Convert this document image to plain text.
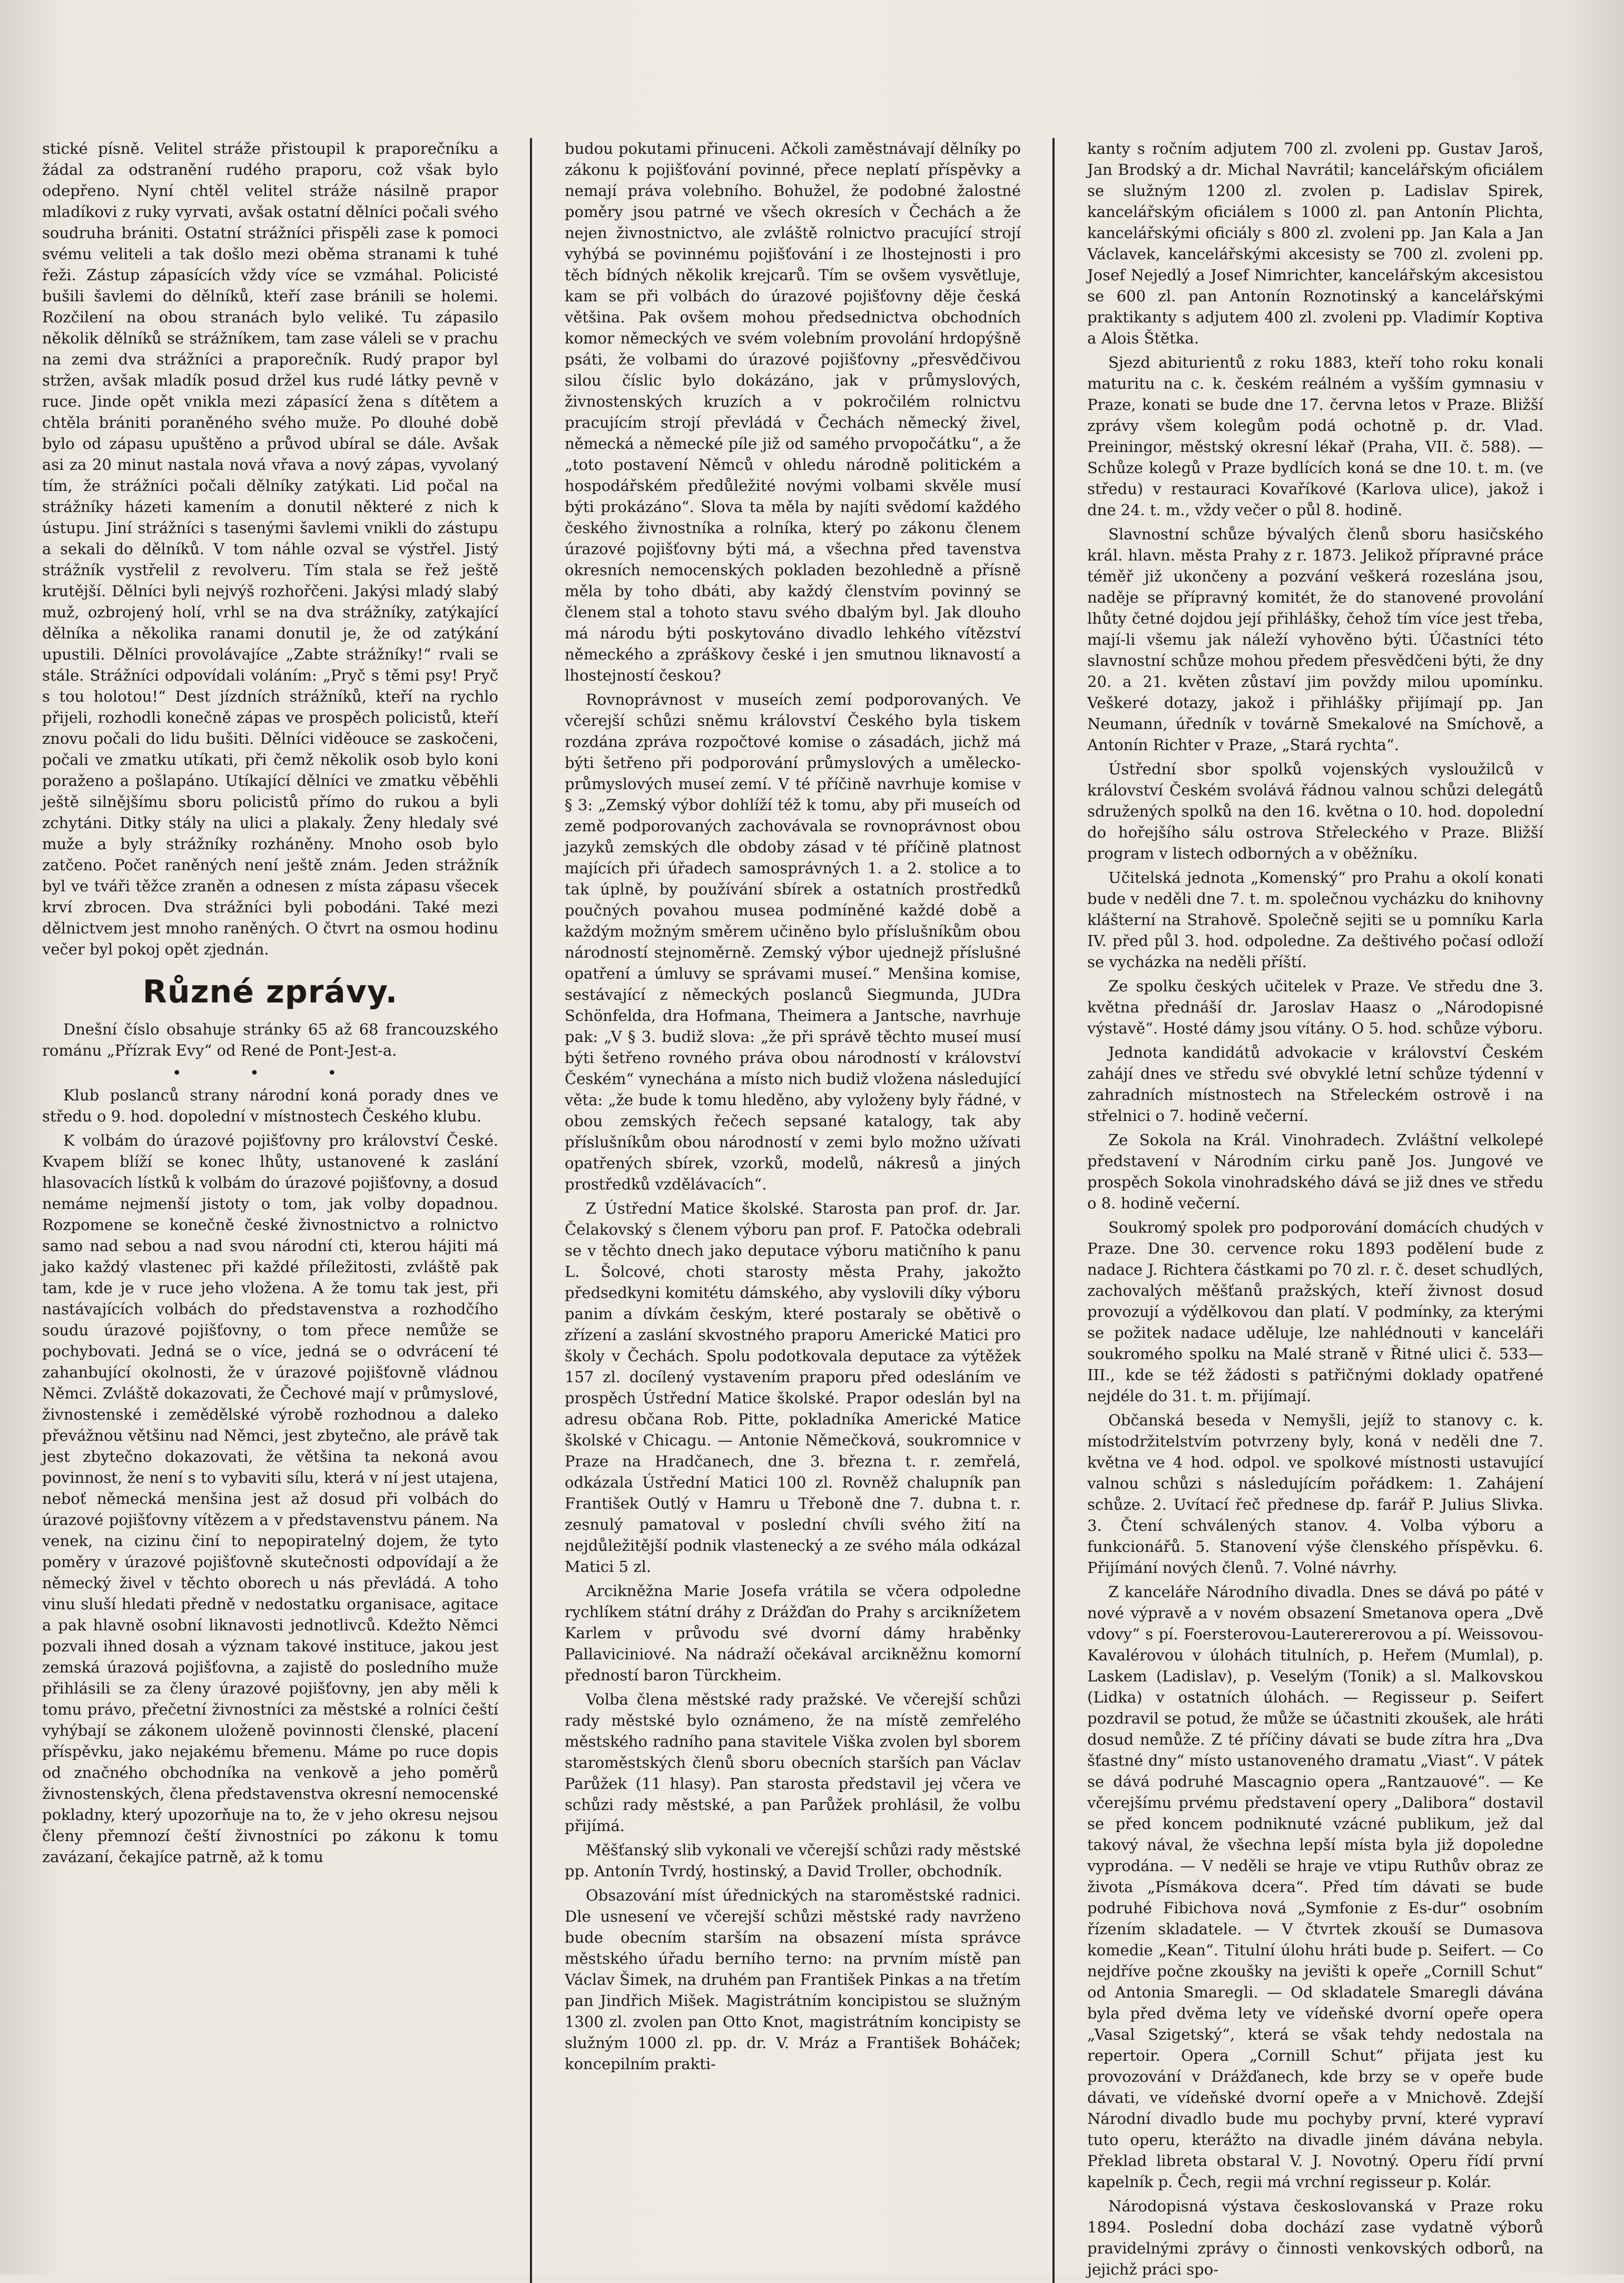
stické písně. Velitel stráže přistoupil k praporečníku a žádal za odstranění rudého praporu, což však bylo odepřeno. Nyní chtěl velitel stráže násilně prapor mladíkovi z ruky vyrvati, avšak ostatní dělníci počali svého soudruha brániti. Ostatní strážníci přispěli zase k pomoci svému veliteli a tak došlo mezi oběma stranami k tuhé řeži. Zástup zápasících vždy více se vzmáhal. Policisté bušili šavlemi do dělníků, kteří zase bránili se holemi. Rozčilení na obou stranách bylo veliké. Tu zápasilo několik dělníků se strážníkem, tam zase váleli se v prachu na zemi dva strážníci a praporečník. Rudý prapor byl stržen, avšak mladík posud držel kus rudé látky pevně v ruce. Jinde opět vnikla mezi zápasící žena s dítětem a chtěla brániti poraněného svého muže. Po dlouhé době bylo od zápasu upuštěno a průvod ubíral se dále. Avšak asi za 20 minut nastala nová vřava a nový zápas, vyvolaný tím, že strážníci počali dělníky zatýkati. Lid počal na strážníky házeti kamením a donutil některé z nich k ústupu. Jiní strážníci s tasenými šavlemi vnikli do zástupu a sekali do dělníků. V tom náhle ozval se výstřel. Jistý strážník vystřelil z revolveru. Tím stala se řež ještě krutější. Dělníci byli nejvýš rozhořčeni. Jakýsi mladý slabý muž, ozbrojený holí, vrhl se na dva strážníky, zatýkající dělníka a několika ranami donutil je, že od zatýkání upustili. Dělníci provolávajíce „Zabte strážníky!“ rvali se stále. Strážníci odpovídali voláním: „Pryč s těmi psy! Pryč s tou holotou!“ Dest jízdních strážníků, kteří na rychlo přijeli, rozhodli konečně zápas ve prospěch policistů, kteří znovu počali do lidu bušiti. Dělníci viděouce se zaskočeni, počali ve zmatku utíkati, při čemž několik osob bylo koni poraženo a pošlapáno. Utíkající dělníci ve zmatku věběhli ještě silnějšímu sboru policistů přímo do rukou a byli zchytáni. Ditky stály na ulici a plakaly. Ženy hledaly své muže a byly strážníky rozháněny. Mnoho osob bylo zatčeno. Počet raněných není ještě znám. Jeden strážník byl ve tváři těžce zraněn a odnesen z místa zápasu všecek krví zbrocen. Dva strážníci byli pobodáni. Také mezi dělnictvem jest mnoho raněných. O čtvrt na osmou hodinu večer byl pokoj opět zjednán.

Různé zprávy.

Dnešní číslo obsahuje stránky 65 až 68 francouzského románu „Přízrak Evy“ od René de Pont-Jest-a.

• • •

Klub poslanců strany národní koná porady dnes ve středu o 9. hod. dopolední v místnostech Českého klubu.

K volbám do úrazové pojišťovny pro království České. Kvapem blíží se konec lhůty, ustanovené k zaslání hlasovacích lístků k volbám do úrazové pojišťovny, a dosud nemáme nejmenší jistoty o tom, jak volby dopadnou. Rozpomene se konečně české živnostnictvo a rolnictvo samo nad sebou a nad svou národní cti, kterou hájiti má jako každý vlastenec při každé příležitosti, zvláště pak tam, kde je v ruce jeho vložena. A že tomu tak jest, při nastávajících volbách do představenstva a rozhodčího soudu úrazové pojišťovny, o tom přece nemůže se pochybovati. Jedná se o více, jedná se o odvrácení té zahanbující okolnosti, že v úrazové pojišťovně vládnou Němci. Zvláště dokazovati, že Čechové mají v průmyslové, živnostenské i zemědělské výrobě rozhodnou a daleko převážnou většinu nad Němci, jest zbytečno, ale právě tak jest zbytečno dokazovati, že většina ta nekoná avou povinnost, že není s to vybaviti sílu, která v ní jest utajena, neboť německá menšina jest až dosud při volbách do úrazové pojišťovny vítězem a v představenstvu pánem. Na venek, na cizinu činí to nepopiratelný dojem, že tyto poměry v úrazové pojišťovně skutečnosti odpovídají a že německý živel v těchto oborech u nás převládá. A toho vinu sluší hledati předně v nedostatku organisace, agitace a pak hlavně osobní liknavosti jednotlivců. Kdežto Němci pozvali ihned dosah a význam takové instituce, jakou jest zemská úrazová pojišťovna, a zajistě do posledního muže přihlásili se za členy úrazové pojišťovny, jen aby měli k tomu právo, přečetní živnostníci za městské a rolníci čeští vyhýbají se zákonem uloženě povinnosti členské, placení příspěvku, jako nejakému břemenu. Máme po ruce dopis od značného obchodníka na venkově a jeho poměrů živnostenských, člena představenstva okresní nemocenské pokladny, který upozorňuje na to, že v jeho okresu nejsou členy přemnozí čeští živnostníci po zákonu k tomu zavázaní, čekajíce patrně, až k tomu

budou pokutami přinuceni. Ačkoli zaměstnávají dělníky po zákonu k pojišťování povinné, přece neplatí příspěvky a nemají práva volebního. Bohužel, že podobné žalostné poměry jsou patrné ve všech okresích v Čechách a že nejen živnostnictvo, ale zvláště rolnictvo pracující strojí vyhýbá se povinnému pojišťování i ze lhostejnosti i pro těch bídných několik krejcarů. Tím se ovšem vysvětluje, kam se při volbách do úrazové pojišťovny děje česká většina. Pak ovšem mohou předsednictva obchodních komor německých ve svém volebním provolání hrdopýšně psáti, že volbami do úrazové pojišťovny „přesvědčivou silou číslic bylo dokázáno, jak v průmyslových, živnostenských kruzích a v pokročilém rolnictvu pracujícím strojí převládá v Čechách německý živel, německá a německé píle již od samého prvopočátku“, a že „toto postavení Němců v ohledu národně politickém a hospodářském předůležité novými volbami skvěle musí býti prokázáno“. Slova ta měla by najíti svědomí každého českého živnostníka a rolníka, který po zákonu členem úrazové pojišťovny býti má, a všechna před tavenstva okresních nemocenských pokladen bezohledně a přísně měla by toho dbáti, aby každý členstvím povinný se členem stal a tohoto stavu svého dbalým byl. Jak dlouho má národu býti poskytováno divadlo lehkého vítězství německého a zpráškovy české i jen smutnou liknavostí a lhostejností českou?

Rovnoprávnost v museích zemí podporovaných. Ve včerejší schůzi sněmu království Českého byla tiskem rozdána zpráva rozpočtové komise o zásadách, jichž má býti šetřeno při podporování průmyslových a umělecko-průmyslových museí zemí. V té příčině navrhuje komise v § 3: „Zemský výbor dohlíží též k tomu, aby při museích od země podporovaných zachovávala se rovnoprávnost obou jazyků zemských dle obdoby zásad v té příčině platnost majících při úřadech samosprávných 1. a 2. stolice a to tak úplně, by používání sbírek a ostatních prostředků poučných povahou musea podmíněné každé době a každým možným směrem učiněno bylo příslušníkům obou národností stejnoměrně. Zemský výbor ujednejž příslušné opatření a úmluvy se správami museí.“ Menšina komise, sestávající z německých poslanců Siegmunda, JUDra Schönfelda, dra Hofmana, Theimera a Jantsche, navrhuje pak: „V § 3. budiž slova: „že při správě těchto museí musí býti šetřeno rovného práva obou národností v království Českém“ vynechána a místo nich budiž vložena následující věta: „že bude k tomu hleděno, aby vyloženy byly řádné, v obou zemských řečech sepsané katalogy, tak aby příslušníkům obou národností v zemi bylo možno užívati opatřených sbírek, vzorků, modelů, nákresů a jiných prostředků vzdělávacích“.

Z Ústřední Matice školské. Starosta pan prof. dr. Jar. Čelakovský s členem výboru pan prof. F. Patočka odebrali se v těchto dnech jako deputace výboru matičního k panu L. Šolcové, choti starosty města Prahy, jakožto předsedkyni komitétu dámského, aby vyslovili díky výboru panim a dívkám českým, které postaraly se obětivě o zřízení a zaslání skvostného praporu Americké Matici pro školy v Čechách. Spolu podotkovala deputace za výtěžek 157 zl. docílený vystavením praporu před odesláním ve prospěch Ústřední Matice školské. Prapor odeslán byl na adresu občana Rob. Pitte, pokladníka Americké Matice školské v Chicagu. — Antonie Němečková, soukromnice v Praze na Hradčanech, dne 3. března t. r. zemřelá, odkázala Ústřední Matici 100 zl. Rovněž chalupník pan František Outlý v Hamru u Třeboně dne 7. dubna t. r. zesnulý pamatoval v poslední chvíli svého žití na nejdůležitější podnik vlastenecký a ze svého mála odkázal Matici 5 zl.

Arcikněžna Marie Josefa vrátila se včera odpoledne rychlíkem státní dráhy z Drážďan do Prahy s arciknížetem Karlem v průvodu své dvorní dámy hraběnky Pallaviciniové. Na nádraží očekával arcikněžnu komorní předností baron Türckheim.

Volba člena městské rady pražské. Ve včerejší schůzi rady městské bylo oznámeno, že na místě zemřelého městského radního pana stavitele Viška zvolen byl sborem staroměstských členů sboru obecních starších pan Václav Parůžek (11 hlasy). Pan starosta představil jej včera ve schůzi rady městské, a pan Parůžek prohlásil, že volbu přijímá.

Měšťanský slib vykonali ve včerejší schůzi rady městské pp. Antonín Tvrdý, hostinský, a David Troller, obchodník.

Obsazování míst úřednických na staroměstské radnici. Dle usnesení ve včerejší schůzi městské rady navrženo bude obecním starším na obsazení místa správce městského úřadu berního terno: na prvním místě pan Václav Šimek, na druhém pan František Pinkas a na třetím pan Jindřich Mišek. Magistrátním koncipistou se služným 1300 zl. zvolen pan Otto Knot, magistrátním koncipisty se služným 1000 zl. pp. dr. V. Mráz a František Boháček; koncepilním prakti-

kanty s ročním adjutem 700 zl. zvoleni pp. Gustav Jaroš, Jan Brodský a dr. Michal Navrátil; kancelářským oficiálem se služným 1200 zl. zvolen p. Ladislav Spirek, kancelářským oficiálem s 1000 zl. pan Antonín Plichta, kancelářskými oficiály s 800 zl. zvoleni pp. Jan Kala a Jan Václavek, kancelářskými akcesisty se 700 zl. zvoleni pp. Josef Nejedlý a Josef Nimrichter, kancelářským akcesistou se 600 zl. pan Antonín Roznotinský a kancelářskými praktikanty s adjutem 400 zl. zvoleni pp. Vladimír Koptiva a Alois Štětka.

Sjezd abiturientů z roku 1883, kteří toho roku konali maturitu na c. k. českém reálném a vyšším gymnasiu v Praze, konati se bude dne 17. června letos v Praze. Bližší zprávy všem kolegům podá ochotně p. dr. Vlad. Preiningor, městský okresní lékař (Praha, VII. č. 588). — Schůze kolegů v Praze bydlících koná se dne 10. t. m. (ve středu) v restauraci Kovaříkové (Karlova ulice), jakož i dne 24. t. m., vždy večer o půl 8. hodině.

Slavnostní schůze bývalých členů sboru hasičského král. hlavn. města Prahy z r. 1873. Jelikož přípravné práce téměř již ukončeny a pozvání veškerá rozeslána jsou, naděje se přípravný komitét, že do stanovené provolání lhůty četné dojdou její přihlášky, čehož tím více jest třeba, mají-li všemu jak náleží vyhověno býti. Účastníci této slavnostní schůze mohou předem přesvědčeni býti, že dny 20. a 21. květen zůstaví jim povždy milou upomínku. Veškeré dotazy, jakož i přihlášky přijímají pp. Jan Neumann, úředník v továrně Smekalové na Smíchově, a Antonín Richter v Praze, „Stará rychta“.

Ústřední sbor spolků vojenských vysloužilců v království Českém svolává řádnou valnou schůzi delegátů sdružených spolků na den 16. května o 10. hod. dopolední do hořejšího sálu ostrova Střeleckého v Praze. Bližší program v listech odborných a v oběžníku.

Učitelská jednota „Komenský“ pro Prahu a okolí konati bude v neděli dne 7. t. m. společnou vycházku do knihovny klášterní na Strahově. Společně sejiti se u pomníku Karla IV. před půl 3. hod. odpoledne. Za deštivého počasí odloží se vycházka na neděli příští.

Ze spolku českých učitelek v Praze. Ve středu dne 3. května přednáší dr. Jaroslav Haasz o „Národopisné výstavě“. Hosté dámy jsou vítány. O 5. hod. schůze výboru.

Jednota kandidátů advokacie v království Českém zahájí dnes ve středu své obvyklé letní schůze týdenní v zahradních místnostech na Střeleckém ostrově i na střelnici o 7. hodině večerní.

Ze Sokola na Král. Vinohradech. Zvláštní velkolepé představení v Národním cirku paně Jos. Jungové ve prospěch Sokola vinohradského dává se již dnes ve středu o 8. hodině večerní.

Soukromý spolek pro podporování domácích chudých v Praze. Dne 30. cervence roku 1893 podělení bude z nadace J. Richtera částkami po 70 zl. r. č. deset schudlých, zachovalých měšťanů pražských, kteří živnost dosud provozují a výdělkovou dan platí. V podmínky, za kterými se požitek nadace uděluje, lze nahlédnouti v kanceláři soukromého spolku na Malé straně v Řitné ulici č. 533—III., kde se též žádosti s patřičnými doklady opatřené nejdéle do 31. t. m. přijímají.

Občanská beseda v Nemyšli, jejíž to stanovy c. k. místodržitelstvím potvrzeny byly, koná v neděli dne 7. května ve 4 hod. odpol. ve spolkové místnosti ustavující valnou schůzi s následujícím pořádkem: 1. Zahájení schůze. 2. Uvítací řeč přednese dp. farář P. Julius Slivka. 3. Čtení schválených stanov. 4. Volba výboru a funkcionářů. 5. Stanovení výše členského příspěvku. 6. Přijímání nových členů. 7. Volné návrhy.

Z kanceláře Národního divadla. Dnes se dává po páté v nové výpravě a v novém obsazení Smetanova opera „Dvě vdovy“ s pí. Foersterovou-Lauterererovou a pí. Weissovou-Kavalérovou v úlohách titulních, p. Heřem (Mumlal), p. Laskem (Ladislav), p. Veselým (Tonik) a sl. Malkovskou (Lidka) v ostatních úlohách. — Regisseur p. Seifert pozdravil se potud, že může se účastniti zkoušek, ale hráti dosud nemůže. Z té příčiny dávati se bude zítra hra „Dva šťastné dny“ místo ustanoveného dramatu „Viast“. V pátek se dává podruhé Mascagnio opera „Rantzauové“. — Ke včerejšímu prvému představení opery „Dalibora“ dostavil se před koncem podniknuté vzácné publikum, jež dal takový nával, že všechna lepší místa byla již dopoledne vyprodána. — V neděli se hraje ve vtipu Ruthův obraz ze života „Písmákova dcera“. Před tím dávati se bude podruhé Fibichova nová „Symfonie z Es-dur“ osobním řízením skladatele. — V čtvrtek zkouší se Dumasova komedie „Kean“. Titulní úlohu hráti bude p. Seifert. — Co nejdříve počne zkoušky na jevišti k opeře „Cornill Schut“ od Antonia Smaregli. — Od skladatele Smaregli dávána byla před dvěma lety ve vídeňské dvorní opeře opera „Vasal Szigetský“, která se však tehdy nedostala na repertoir. Opera „Cornill Schut“ přijata jest ku provozování v Drážďanech, kde brzy se v opeře bude dávati, ve vídeňské dvorní opeře a v Mnichově. Zdejší Národní divadlo bude mu pochyby první, které vypraví tuto operu, kterážto na divadle jiném dávána nebyla. Překlad libreta obstaral V. J. Novotný. Operu řídí první kapelník p. Čech, regii má vrchní regisseur p. Kolár.

Národopisná výstava českoslovanská v Praze roku 1894. Poslední doba dochází zase vydatně výborů pravidelnými zprávy o činnosti venkovských odborů, na jejichž práci spo-
